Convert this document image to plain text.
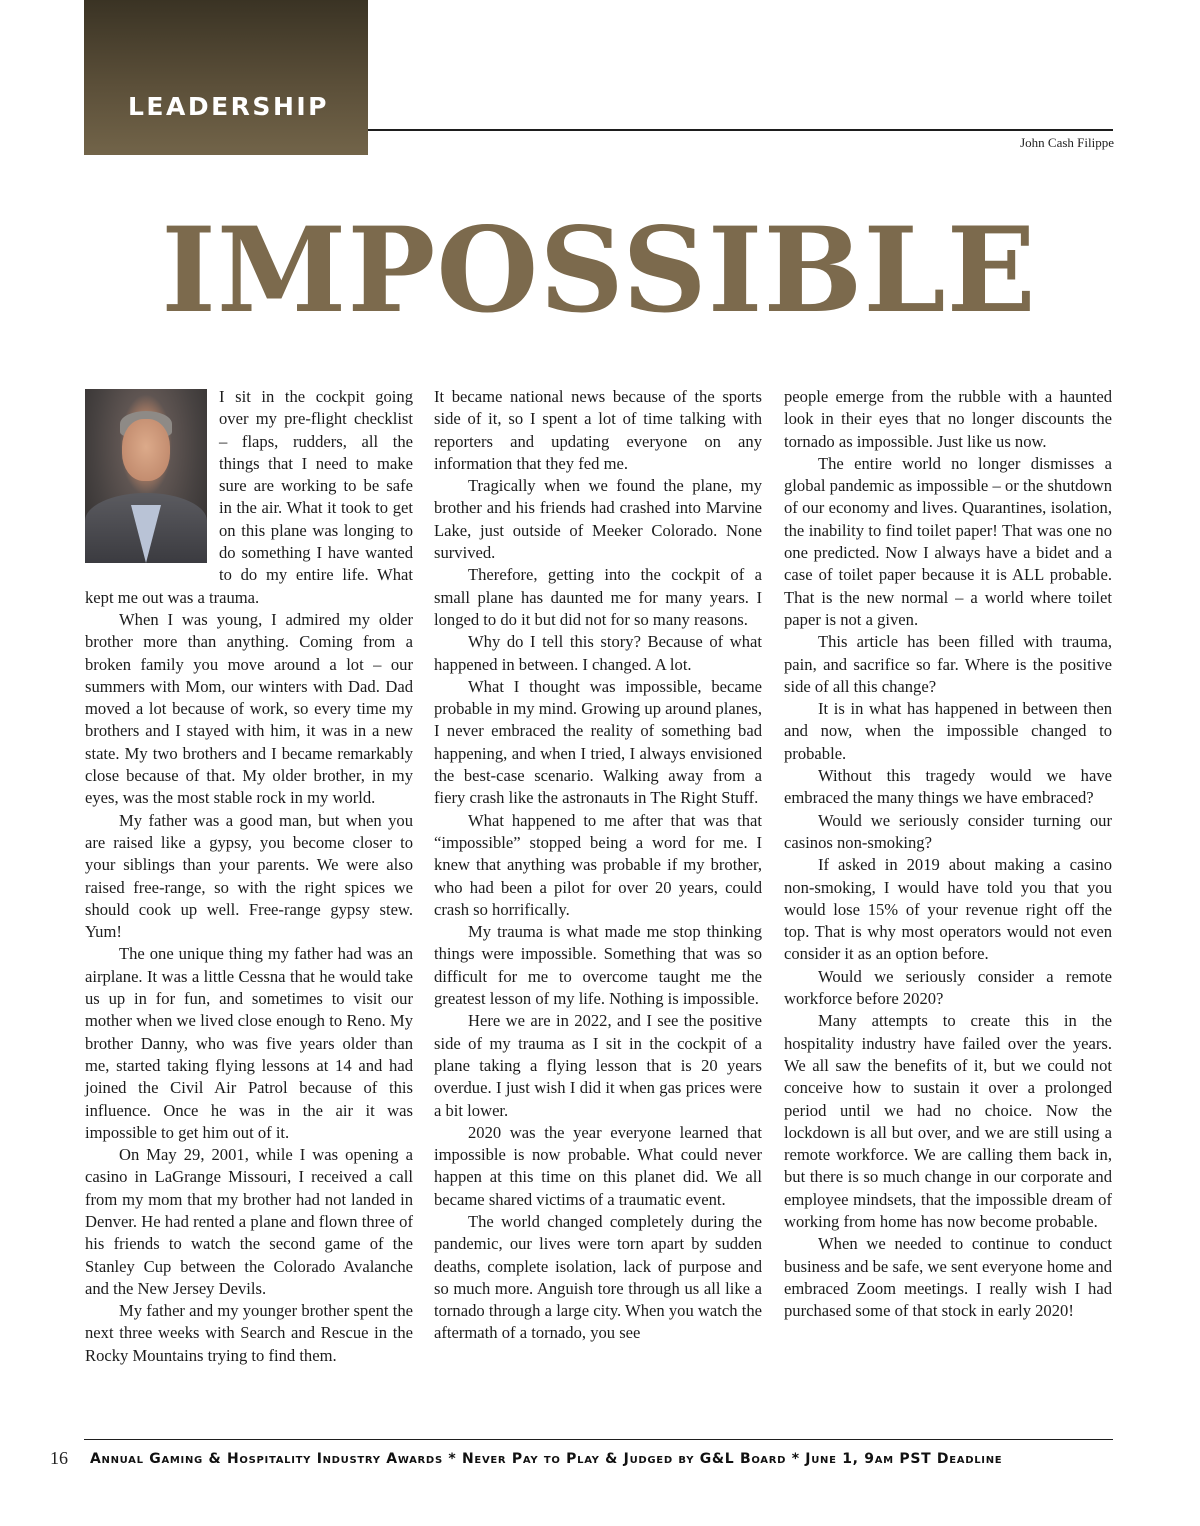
LEADERSHIP
John Cash Filippe
IMPOSSIBLE

I sit in the cockpit going over my pre-flight checklist – flaps, rudders, all the things that I need to make sure are working to be safe in the air. What it took to get on this plane was longing to do something I have wanted to do my entire life. What kept me out was a trauma.

When I was young, I admired my older brother more than anything. Coming from a broken family you move around a lot – our summers with Mom, our winters with Dad. Dad moved a lot because of work, so every time my brothers and I stayed with him, it was in a new state. My two brothers and I became remarkably close because of that. My older brother, in my eyes, was the most stable rock in my world.

My father was a good man, but when you are raised like a gypsy, you become closer to your siblings than your parents. We were also raised free-range, so with the right spices we should cook up well. Free-range gypsy stew. Yum!

The one unique thing my father had was an airplane. It was a little Cessna that he would take us up in for fun, and sometimes to visit our mother when we lived close enough to Reno. My brother Danny, who was five years older than me, started taking flying lessons at 14 and had joined the Civil Air Patrol because of this influence. Once he was in the air it was impossible to get him out of it.

On May 29, 2001, while I was opening a casino in LaGrange Missouri, I received a call from my mom that my brother had not landed in Denver. He had rented a plane and flown three of his friends to watch the second game of the Stanley Cup between the Colorado Avalanche and the New Jersey Devils.

My father and my younger brother spent the next three weeks with Search and Rescue in the Rocky Mountains trying to find them.

It became national news because of the sports side of it, so I spent a lot of time talking with reporters and updating everyone on any information that they fed me.

Tragically when we found the plane, my brother and his friends had crashed into Marvine Lake, just outside of Meeker Colorado. None survived.

Therefore, getting into the cockpit of a small plane has daunted me for many years. I longed to do it but did not for so many reasons.

Why do I tell this story? Because of what happened in between. I changed. A lot.

What I thought was impossible, became probable in my mind. Growing up around planes, I never embraced the reality of something bad happening, and when I tried, I always envisioned the best-case scenario. Walking away from a fiery crash like the astronauts in The Right Stuff.

What happened to me after that was that “impossible” stopped being a word for me. I knew that anything was probable if my brother, who had been a pilot for over 20 years, could crash so horrifically.

My trauma is what made me stop thinking things were impossible. Something that was so difficult for me to overcome taught me the greatest lesson of my life. Nothing is impossible.

Here we are in 2022, and I see the positive side of my trauma as I sit in the cockpit of a plane taking a flying lesson that is 20 years overdue. I just wish I did it when gas prices were a bit lower.

2020 was the year everyone learned that impossible is now probable. What could never happen at this time on this planet did. We all became shared victims of a traumatic event.

The world changed completely during the pandemic, our lives were torn apart by sudden deaths, complete isolation, lack of purpose and so much more. Anguish tore through us all like a tornado through a large city. When you watch the aftermath of a tornado, you see

people emerge from the rubble with a haunted look in their eyes that no longer discounts the tornado as impossible. Just like us now.

The entire world no longer dismisses a global pandemic as impossible – or the shutdown of our economy and lives. Quarantines, isolation, the inability to find toilet paper! That was one no one predicted. Now I always have a bidet and a case of toilet paper because it is ALL probable. That is the new normal – a world where toilet paper is not a given.

This article has been filled with trauma, pain, and sacrifice so far. Where is the positive side of all this change?

It is in what has happened in between then and now, when the impossible changed to probable.

Without this tragedy would we have embraced the many things we have embraced?

Would we seriously consider turning our casinos non-smoking?

If asked in 2019 about making a casino non-smoking, I would have told you that you would lose 15% of your revenue right off the top. That is why most operators would not even consider it as an option before.

Would we seriously consider a remote workforce before 2020?

Many attempts to create this in the hospitality industry have failed over the years. We all saw the benefits of it, but we could not conceive how to sustain it over a prolonged period until we had no choice. Now the lockdown is all but over, and we are still using a remote workforce. We are calling them back in, but there is so much change in our corporate and employee mindsets, that the impossible dream of working from home has now become probable.

When we needed to continue to conduct business and be safe, we sent everyone home and embraced Zoom meetings. I really wish I had purchased some of that stock in early 2020!

16 Annual Gaming & Hospitality Industry Awards * Never Pay to Play & Judged by G&L Board * June 1, 9am PST Deadline
